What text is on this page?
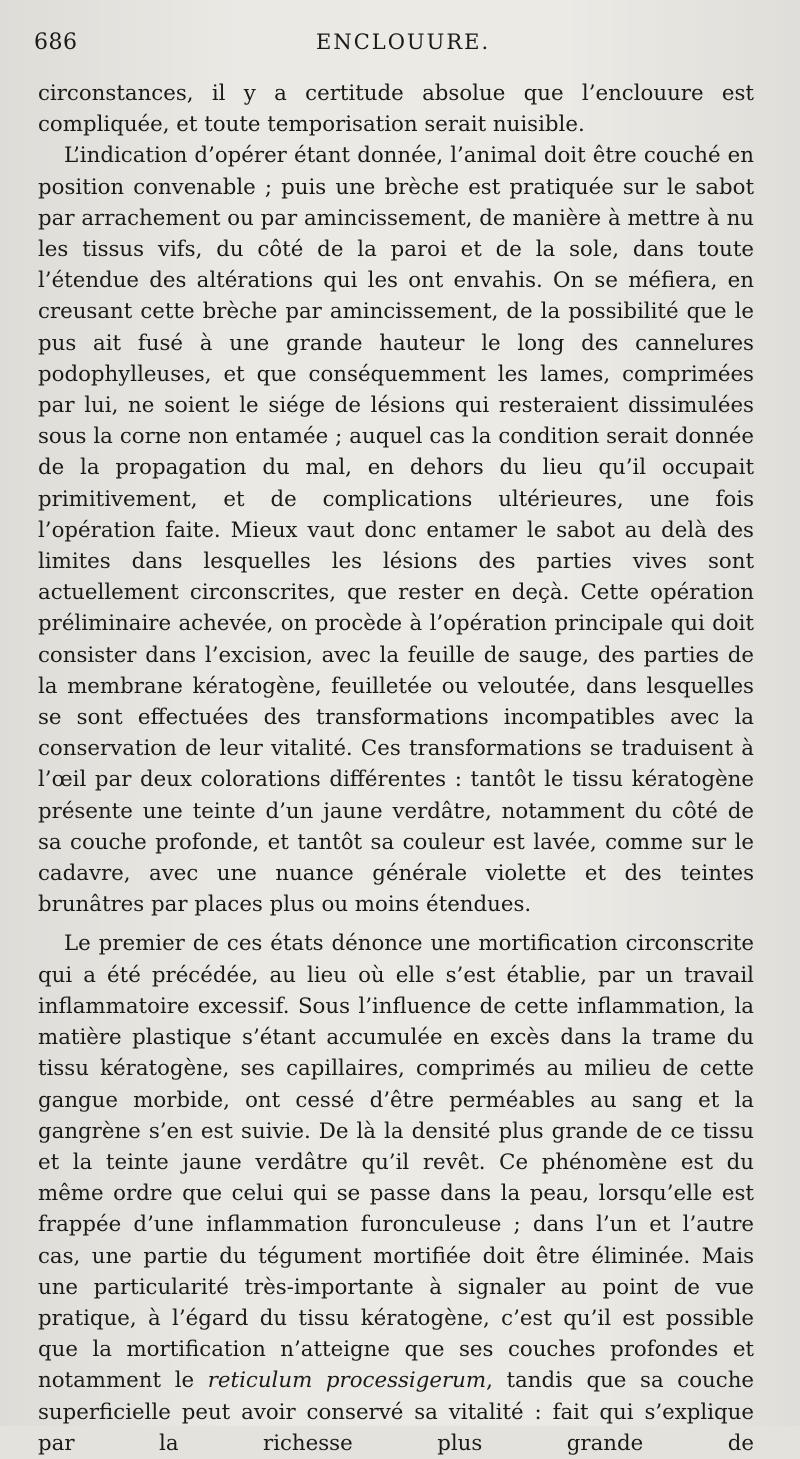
686	ENCLOUURE.

circonstances, il y a certitude absolue que l’enclouure est compliquée, et toute temporisation serait nuisible.

L’indication d’opérer étant donnée, l’animal doit être couché en position convenable ; puis une brèche est pratiquée sur le sabot par arrachement ou par amincissement, de manière à mettre à nu les tissus vifs, du côté de la paroi et de la sole, dans toute l’étendue des altérations qui les ont envahis. On se méfiera, en creusant cette brèche par amincissement, de la possibilité que le pus ait fusé à une grande hauteur le long des cannelures podophylleuses, et que conséquemment les lames, comprimées par lui, ne soient le siége de lésions qui resteraient dissimulées sous la corne non entamée ; auquel cas la condition serait donnée de la propagation du mal, en dehors du lieu qu’il occupait primitivement, et de complications ultérieures, une fois l’opération faite. Mieux vaut donc entamer le sabot au delà des limites dans lesquelles les lésions des parties vives sont actuellement circonscrites, que rester en deçà. Cette opération préliminaire achevée, on procède à l’opération principale qui doit consister dans l’excision, avec la feuille de sauge, des parties de la membrane kératogène, feuilletée ou veloutée, dans lesquelles se sont effectuées des transformations incompatibles avec la conservation de leur vitalité. Ces transformations se traduisent à l’œil par deux colorations différentes : tantôt le tissu kératogène présente une teinte d’un jaune verdâtre, notamment du côté de sa couche profonde, et tantôt sa couleur est lavée, comme sur le cadavre, avec une nuance générale violette et des teintes brunâtres par places plus ou moins étendues.

Le premier de ces états dénonce une mortification circonscrite qui a été précédée, au lieu où elle s’est établie, par un travail inflammatoire excessif. Sous l’influence de cette inflammation, la matière plastique s’étant accumulée en excès dans la trame du tissu kératogène, ses capillaires, comprimés au milieu de cette gangue morbide, ont cessé d’être perméables au sang et la gangrène s’en est suivie. De là la densité plus grande de ce tissu et la teinte jaune verdâtre qu’il revêt. Ce phénomène est du même ordre que celui qui se passe dans la peau, lorsqu’elle est frappée d’une inflammation furonculeuse ; dans l’un et l’autre cas, une partie du tégument mortifiée doit être éliminée. Mais une particularité très-importante à signaler au point de vue pratique, à l’égard du tissu kératogène, c’est qu’il est possible que la mortification n’atteigne que ses couches profondes et notamment le reticulum processigerum, tandis que sa couche superficielle peut avoir conservé sa vitalité : fait qui s’explique par la richesse plus grande de
